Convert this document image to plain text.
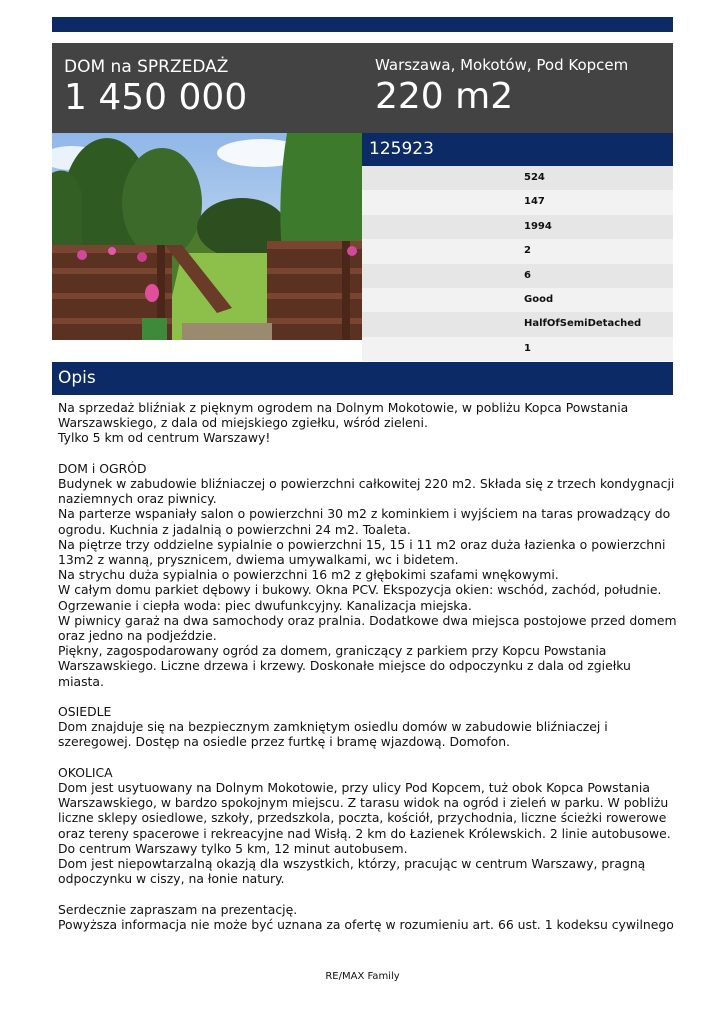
DOM na SPRZEDAŻ
1 450 000
Warszawa, Mokotów, Pod Kopcem
220 m2
125923
524
147
1994
2
6
Good
HalfOfSemiDetached
1
Opis

Na sprzedaż bliźniak z pięknym ogrodem na Dolnym Mokotowie, w pobliżu Kopca Powstania

Warszawskiego, z dala od miejskiego zgiełku, wśród zieleni.

Tylko 5 km od centrum Warszawy!

DOM i OGRÓD

Budynek w zabudowie bliźniaczej o powierzchni całkowitej 220 m2. Składa się z trzech kondygnacji

naziemnych oraz piwnicy.

Na parterze wspaniały salon o powierzchni 30 m2 z kominkiem i wyjściem na taras prowadzący do

ogrodu. Kuchnia z jadalnią o powierzchni 24 m2. Toaleta.

Na piętrze trzy oddzielne sypialnie o powierzchni 15, 15 i 11 m2 oraz duża łazienka o powierzchni

13m2 z wanną, prysznicem, dwiema umywalkami, wc i bidetem.

Na strychu duża sypialnia o powierzchni 16 m2 z głębokimi szafami wnękowymi.

W całym domu parkiet dębowy i bukowy. Okna PCV. Ekspozycja okien: wschód, zachód, południe.

Ogrzewanie i ciepła woda: piec dwufunkcyjny. Kanalizacja miejska.

W piwnicy garaż na dwa samochody oraz pralnia. Dodatkowe dwa miejsca postojowe przed domem

oraz jedno na podjeździe.

Piękny, zagospodarowany ogród za domem, graniczący z parkiem przy Kopcu Powstania

Warszawskiego. Liczne drzewa i krzewy. Doskonałe miejsce do odpoczynku z dala od zgiełku

miasta.

OSIEDLE

Dom znajduje się na bezpiecznym zamkniętym osiedlu domów w zabudowie bliźniaczej i

szeregowej. Dostęp na osiedle przez furtkę i bramę wjazdową. Domofon.

OKOLICA

Dom jest usytuowany na Dolnym Mokotowie, przy ulicy Pod Kopcem, tuż obok Kopca Powstania

Warszawskiego, w bardzo spokojnym miejscu. Z tarasu widok na ogród i zieleń w parku. W pobliżu

liczne sklepy osiedlowe, szkoły, przedszkola, poczta, kościół, przychodnia, liczne ścieżki rowerowe

oraz tereny spacerowe i rekreacyjne nad Wisłą. 2 km do Łazienek Królewskich. 2 linie autobusowe.

Do centrum Warszawy tylko 5 km, 12 minut autobusem.

Dom jest niepowtarzalną okazją dla wszystkich, którzy, pracując w centrum Warszawy, pragną

odpoczynku w ciszy, na łonie natury.

Serdecznie zapraszam na prezentację.

Powyższa informacja nie może być uznana za ofertę w rozumieniu art. 66 ust. 1 kodeksu cywilnego

RE/MAX Family
